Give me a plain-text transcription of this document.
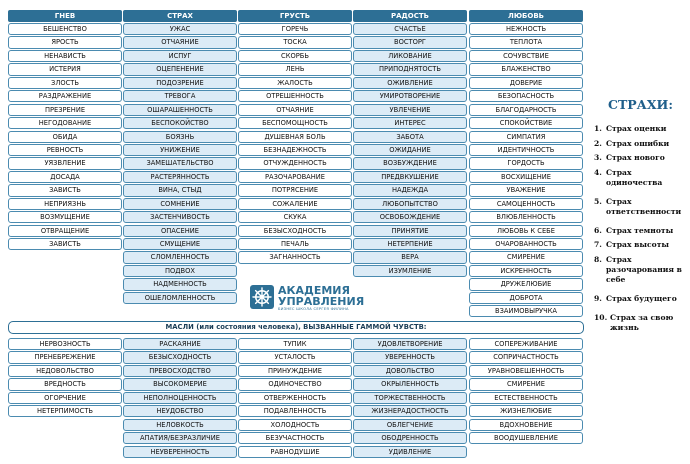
ГНЕВ
БЕШЕНСТВО
ЯРОСТЬ
НЕНАВИСТЬ
ИСТЕРИЯ
ЗЛОСТЬ
РАЗДРАЖЕНИЕ
ПРЕЗРЕНИЕ
НЕГОДОВАНИЕ
ОБИДА
РЕВНОСТЬ
УЯЗВЛЕНИЕ
ДОСАДА
ЗАВИСТЬ
НЕПРИЯЗНЬ
ВОЗМУЩЕНИЕ
ОТВРАЩЕНИЕ
ЗАВИСТЬ
СТРАХ
УЖАС
ОТЧАЯНИЕ
ИСПУГ
ОЦЕПЕНЕНИЕ
ПОДОЗРЕНИЕ
ТРЕВОГА
ОШАРАШЕННОСТЬ
БЕСПОКОЙСТВО
БОЯЗНЬ
УНИЖЕНИЕ
ЗАМЕШАТЕЛЬСТВО
РАСТЕРЯННОСТЬ
ВИНА, СТЫД
СОМНЕНИЕ
ЗАСТЕНЧИВОСТЬ
ОПАСЕНИЕ
СМУЩЕНИЕ
СЛОМЛЕННОСТЬ
ПОДВОХ
НАДМЕННОСТЬ
ОШЕЛОМЛЕННОСТЬ
ГРУСТЬ
ГОРЕЧЬ
ТОСКА
СКОРБЬ
ЛЕНЬ
ЖАЛОСТЬ
ОТРЕШЕННОСТЬ
ОТЧАЯНИЕ
БЕСПОМОЩНОСТЬ
ДУШЕВНАЯ БОЛЬ
БЕЗНАДЕЖНОСТЬ
ОТЧУЖДЕННОСТЬ
РАЗОЧАРОВАНИЕ
ПОТРЯСЕНИЕ
СОЖАЛЕНИЕ
СКУКА
БЕЗЫСХОДНОСТЬ
ПЕЧАЛЬ
ЗАГНАННОСТЬ
РАДОСТЬ
СЧАСТЬЕ
ВОСТОРГ
ЛИКОВАНИЕ
ПРИПОДНЯТОСТЬ
ОЖИВЛЕНИЕ
УМИРОТВОРЕНИЕ
УВЛЕЧЕНИЕ
ИНТЕРЕС
ЗАБОТА
ОЖИДАНИЕ
ВОЗБУЖДЕНИЕ
ПРЕДВКУШЕНИЕ
НАДЕЖДА
ЛЮБОПЫТСТВО
ОСВОБОЖДЕНИЕ
ПРИНЯТИЕ
НЕТЕРПЕНИЕ
ВЕРА
ИЗУМЛЕНИЕ
ЛЮБОВЬ
НЕЖНОСТЬ
ТЕПЛОТА
СОЧУВСТВИЕ
БЛАЖЕНСТВО
ДОВЕРИЕ
БЕЗОПАСНОСТЬ
БЛАГОДАРНОСТЬ
СПОКОЙСТВИЕ
СИМПАТИЯ
ИДЕНТИЧНОСТЬ
ГОРДОСТЬ
ВОСХИЩЕНИЕ
УВАЖЕНИЕ
САМОЦЕННОСТЬ
ВЛЮБЛЕННОСТЬ
ЛЮБОВЬ К СЕБЕ
ОЧАРОВАННОСТЬ
СМИРЕНИЕ
ИСКРЕННОСТЬ
ДРУЖЕЛЮБИЕ
ДОБРОТА
ВЗАИМОВЫРУЧКА
АКАДЕМИЯ
УПРАВЛЕНИЯ
БИЗНЕС ШКОЛА СЕРГЕЯ ФИЛИНА
МАСЛИ (или состояния человека), ВЫЗВАННЫЕ ГАММОЙ ЧУВСТВ:
НЕРВОЗНОСТЬ
ПРЕНЕБРЕЖЕНИЕ
НЕДОВОЛЬСТВО
ВРЕДНОСТЬ
ОГОРЧЕНИЕ
НЕТЕРПИМОСТЬ
РАСКАЯНИЕ
БЕЗЫСХОДНОСТЬ
ПРЕВОСХОДСТВО
ВЫСОКОМЕРИЕ
НЕПОЛНОЦЕННОСТЬ
НЕУДОБСТВО
НЕЛОВКОСТЬ
АПАТИЯ/БЕЗРАЗЛИЧИЕ
НЕУВЕРЕННОСТЬ
ТУПИК
УСТАЛОСТЬ
ПРИНУЖДЕНИЕ
ОДИНОЧЕСТВО
ОТВЕРЖЕННОСТЬ
ПОДАВЛЕННОСТЬ
ХОЛОДНОСТЬ
БЕЗУЧАСТНОСТЬ
РАВНОДУШИЕ
УДОВЛЕТВОРЕНИЕ
УВЕРЕННОСТЬ
ДОВОЛЬСТВО
ОКРЫЛЕННОСТЬ
ТОРЖЕСТВЕННОСТЬ
ЖИЗНЕРАДОСТНОСТЬ
ОБЛЕГЧЕНИЕ
ОБОДРЕННОСТЬ
УДИВЛЕНИЕ
СОПЕРЕЖИВАНИЕ
СОПРИЧАСТНОСТЬ
УРАВНОВЕШЕННОСТЬ
СМИРЕНИЕ
ЕСТЕСТВЕННОСТЬ
ЖИЗНЕЛЮБИЕ
ВДОХНОВЕНИЕ
ВООДУШЕВЛЕНИЕ
СТРАХИ:
1. Страх оценки
2. Страх ошибки
3. Страх нового
4. Страх одиночества
5. Страх ответственности
6. Страх темноты
7. Страх высоты
8. Страх разочарования в себе
9. Страх будущего
10. Страх за свою жизнь
